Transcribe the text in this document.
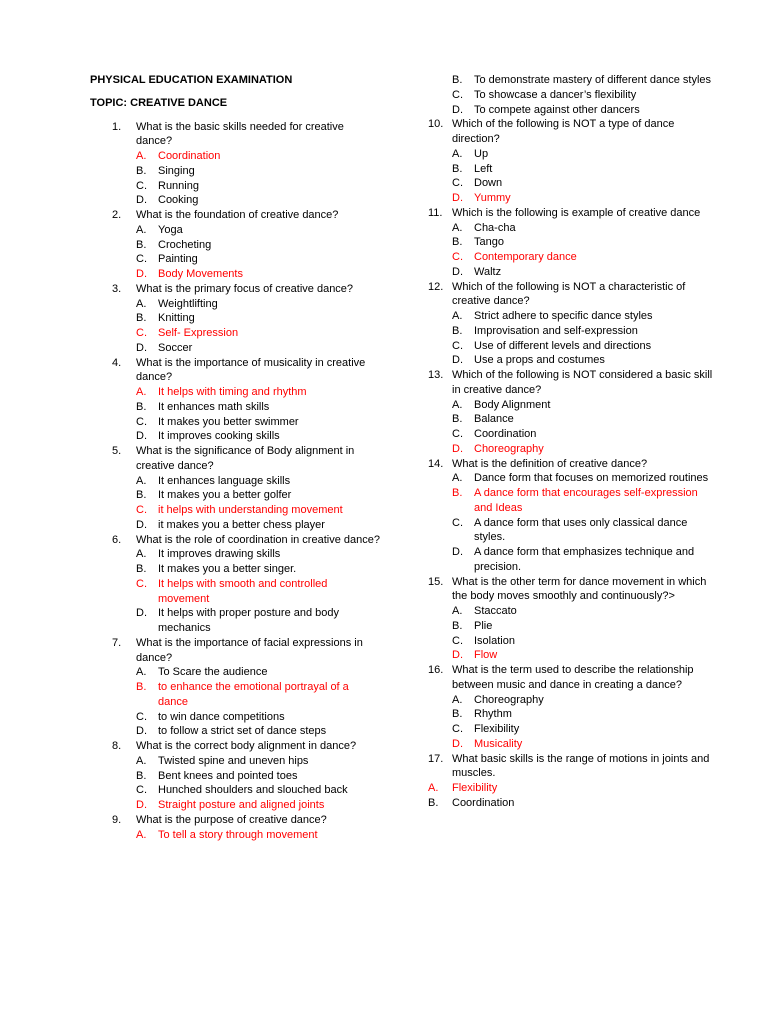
PHYSICAL EDUCATION EXAMINATION

TOPIC: CREATIVE DANCE

1. What is the basic skills needed for creative dance?
A. Coordination
B. Singing
C. Running
D. Cooking
2. What is the foundation of creative dance?
A. Yoga
B. Crocheting
C. Painting
D. Body Movements
3. What is the primary focus of creative dance?
A. Weightlifting
B. Knitting
C. Self- Expression
D. Soccer
4. What is the importance of musicality in creative dance?
A. It helps with timing and rhythm
B. It enhances math skills
C. It makes you better swimmer
D. It improves cooking skills
5. What is the significance of Body alignment in creative dance?
A. It enhances language skills
B. It makes you a better golfer
C. it helps with understanding movement
D. it makes you a better chess player
6. What is the role of coordination in creative dance?
A. It improves drawing skills
B. It makes you a better singer.
C. It helps with smooth and controlled movement
D. It helps with proper posture and body mechanics
7. What is the importance of facial expressions in dance?
A. To Scare the audience
B. to enhance the emotional portrayal of a dance
C. to win dance competitions
D. to follow a strict set of dance steps
8. What is the correct body alignment in dance?
A. Twisted spine and uneven hips
B. Bent knees and pointed toes
C. Hunched shoulders and slouched back
D. Straight posture and aligned joints
9. What is the purpose of creative dance?
A. To tell a story through movement
B. To demonstrate mastery of different dance styles
C. To showcase a dancer’s flexibility
D. To compete against other dancers
10. Which of the following is NOT a type of dance direction?
A. Up
B. Left
C. Down
D. Yummy
11. Which is the following is example of creative dance
A. Cha-cha
B. Tango
C. Contemporary dance
D. Waltz
12. Which of the following is NOT a characteristic of creative dance?
A. Strict adhere to specific dance styles
B. Improvisation and self-expression
C. Use of different levels and directions
D. Use a props and costumes
13. Which of the following is NOT considered a basic skill in creative dance?
A. Body Alignment
B. Balance
C. Coordination
D. Choreography
14. What is the definition of creative dance?
A. Dance form that focuses on memorized routines
B. A dance form that encourages self-expression and Ideas
C. A dance form that uses only classical dance styles.
D. A dance form that emphasizes technique and precision.
15. What is the other term for dance movement in which the body moves smoothly and continuously?>
A. Staccato
B. Plie
C. Isolation
D. Flow
16. What is the term used to describe the relationship between music and dance in creating a dance?
A. Choreography
B. Rhythm
C. Flexibility
D. Musicality
17. What basic skills is the range of motions in joints and muscles.
A. Flexibility
B. Coordination
